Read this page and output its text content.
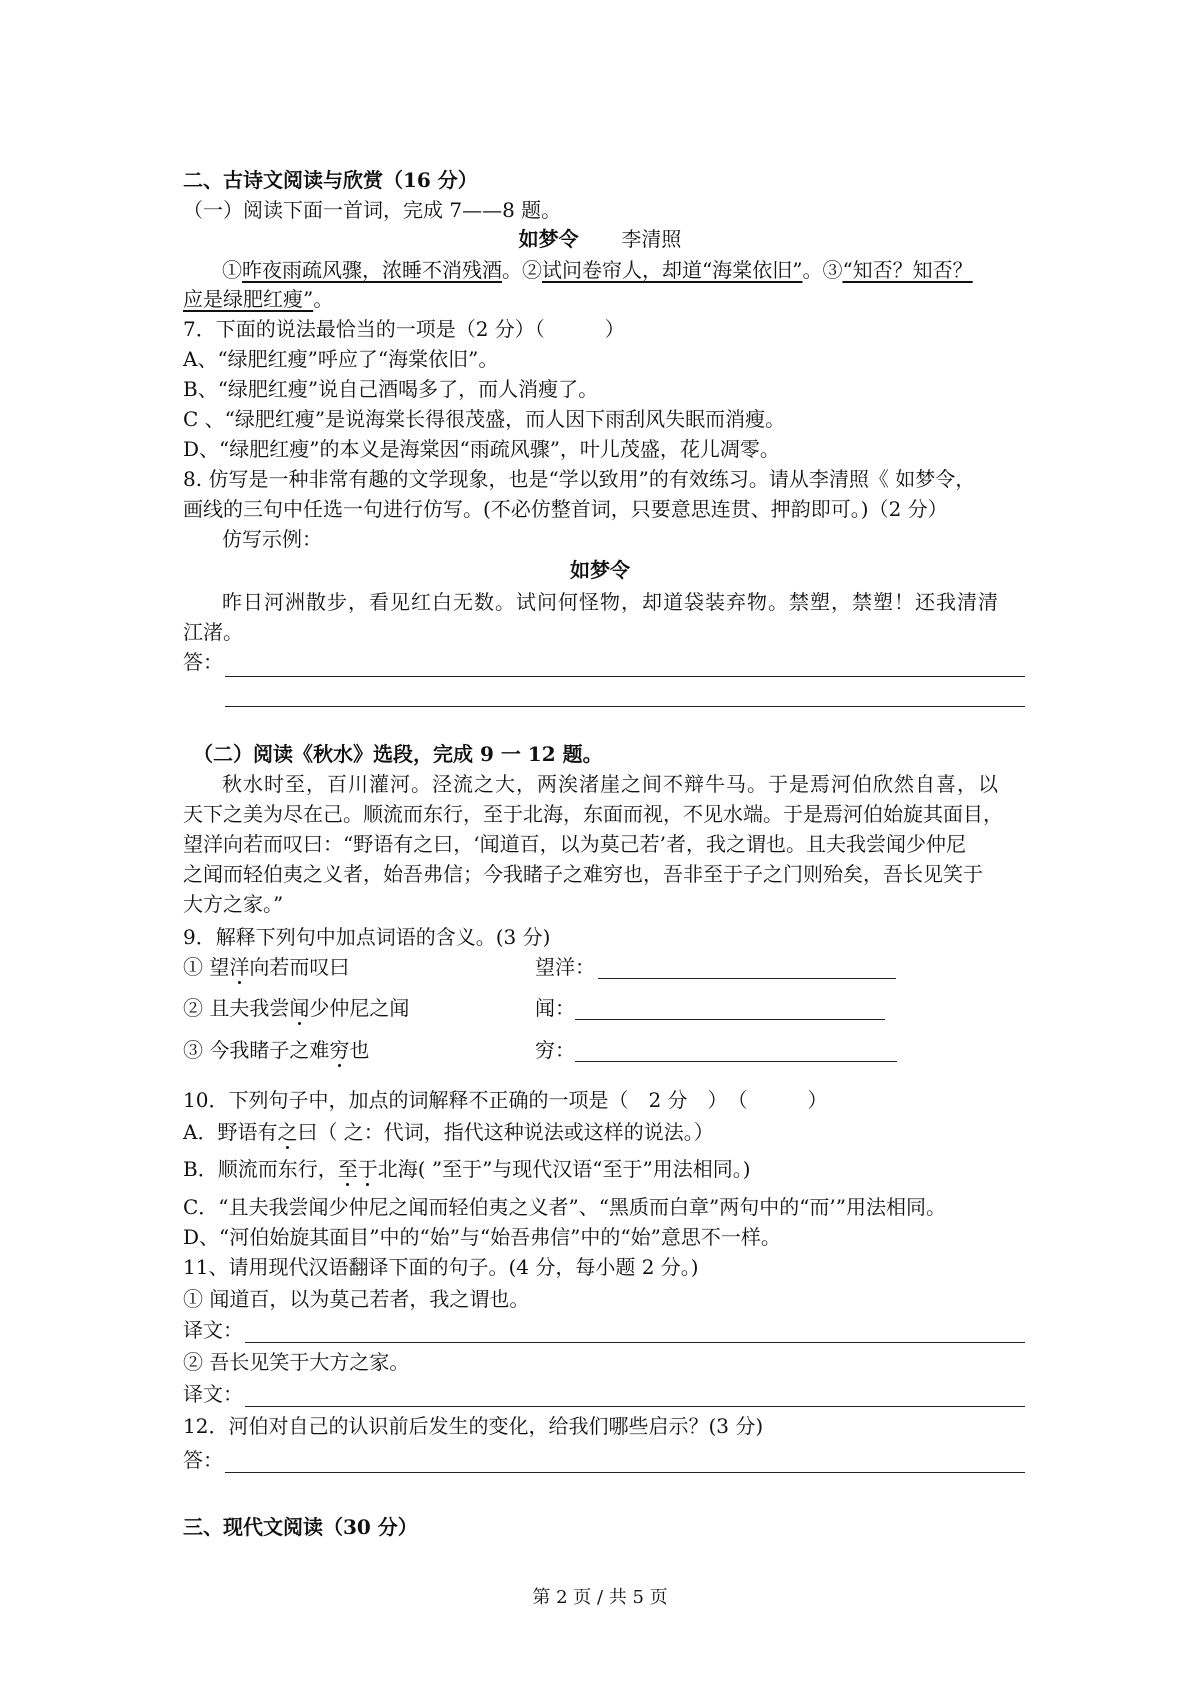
二、古诗文阅读与欣赏（16 分）
（一）阅读下面一首词，完成 7——8 题。
如梦令 李清照
①昨夜雨疏风骤，浓睡不消残酒。②试问卷帘人，却道“海棠依旧”。③“知否？知否？
应是绿肥红瘦”。
7．下面的说法最恰当的一项是（2 分）（　　　）
A、“绿肥红瘦”呼应了“海棠依旧”。
B、“绿肥红瘦”说自己酒喝多了，而人消瘦了。
C 、“绿肥红瘦”是说海棠长得很茂盛，而人因下雨刮风失眠而消瘦。
D、“绿肥红瘦”的本义是海棠因“雨疏风骤”，叶儿茂盛，花儿凋零。
8. 仿写是一种非常有趣的文学现象，也是“学以致用”的有效练习。请从李清照《 如梦令，
画线的三句中任选一句进行仿写。(不必仿整首词，只要意思连贯、押韵即可。)（2 分）
仿写示例：
如梦令
昨日河洲散步，看见红白无数。试问何怪物，却道袋装弃物。禁塑，禁塑！还我清清
江渚。
答：
（二）阅读《秋水》选段，完成 9 一 12 题。
秋水时至，百川灌河。泾流之大，两涘渚崖之间不辩牛马。于是焉河伯欣然自喜，以
天下之美为尽在己。顺流而东行，至于北海，东面而视，不见水端。于是焉河伯始旋其面目，
望洋向若而叹曰：“野语有之曰，‘闻道百，以为莫己若’者，我之谓也。且夫我尝闻少仲尼
之闻而轻伯夷之义者，始吾弗信；今我睹子之难穷也，吾非至于子之门则殆矣，吾长见笑于
大方之家。”
9．解释下列句中加点词语的含义。(3 分)
① 望洋向若而叹曰	望洋：
② 且夫我尝闻少仲尼之闻	闻：
③ 今我睹子之难穷也	穷：
10．下列句子中，加点的词解释不正确的一项是（　2 分　）　（　　　）
A．野语有之曰（ 之：代词，指代这种说法或这样的说法。）
B．顺流而东行，至于北海( ”至于”与现代汉语“至于”用法相同。)
C．“且夫我尝闻少仲尼之闻而轻伯夷之义者”、“黑质而白章”两句中的“而’”用法相同。
D、“河伯始旋其面目”中的“始”与“始吾弗信”中的“始”意思不一样。
11、请用现代汉语翻译下面的句子。(4 分，每小题 2 分。)
① 闻道百，以为莫己若者，我之谓也。
译文：
② 吾长见笑于大方之家。
译文：
12．河伯对自己的认识前后发生的变化，给我们哪些启示？(3 分)
答：
三、现代文阅读（30 分）
第 2 页 / 共 5 页
